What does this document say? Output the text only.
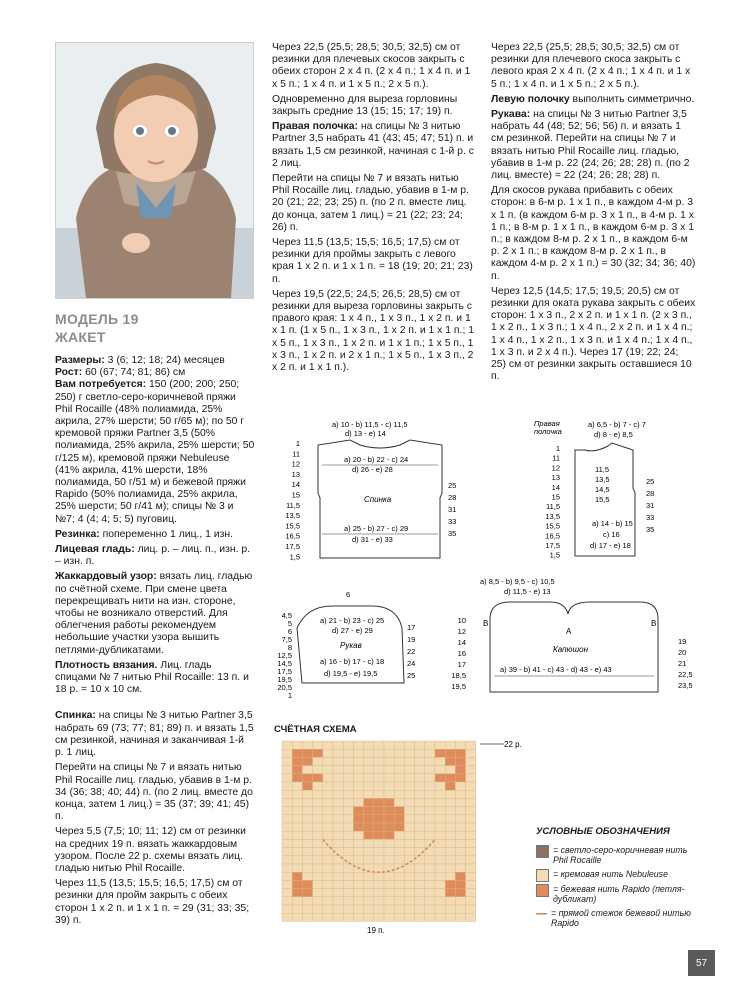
МОДЕЛЬ 19
ЖАКЕТ

Размеры: 3 (6; 12; 18; 24) месяцев

Рост: 60 (67; 74; 81; 86) см

Вам потребуется: 150 (200; 200; 250; 250) г светло-серо-коричневой пряжи Phil Rocaille (48% полиамида, 25% акрила, 27% шерсти; 50 г/65 м); по 50 г кремовой пряжи Partner 3,5 (50% полиамида, 25% акрила, 25% шерсти; 50 г/125 м), кремовой пряжи Nebuleuse (41% акрила, 41% шерсти, 18% полиамида, 50 г/51 м) и бежевой пряжи Rapido (50% полиамида, 25% акрила, 25% шерсти; 50 г/41 м); спицы № 3 и №7; 4 (4; 4; 5; 5) пуговиц.

Резинка: попеременно 1 лиц., 1 изн.

Лицевая гладь: лиц. р. – лиц. п., изн. р. – изн. п.

Жаккардовый узор: вязать лиц. гладью по счётной схеме. При смене цвета перекрещивать нити на изн. стороне, чтобы не возникало отверстий. Для облегчения работы рекомендуем небольшие участки узора вышить петлями-дубликатами.

Плотность вязания. Лиц. гладь спицами № 7 нитью Phil Rocaille: 13 п. и 18 р. = 10 x 10 см.

Спинка: на спицы № 3 нитью Partner 3,5 набрать 69 (73; 77; 81; 89) п. и вязать 1,5 см резинкой, начиная и заканчивая 1-й р. 1 лиц.

Перейти на спицы № 7 и вязать нитью Phil Rocaille лиц. гладью, убавив в 1-м р. 34 (36; 38; 40; 44) п. (по 2 лиц. вместе до конца, затем 1 лиц.) = 35 (37; 39; 41; 45) п.

Через 5,5 (7,5; 10; 11; 12) см от резинки на средних 19 п. вязать жаккардовым узором. После 22 р. схемы вязать лиц. гладью нитью Phil Rocaille.

Через 11,5 (13,5; 15,5; 16,5; 17,5) см от резинки для пройм закрыть с обеих сторон 1 x 2 п. и 1 x 1 п. = 29 (31; 33; 35; 39) п.

Через 22,5 (25,5; 28,5; 30,5; 32,5) см от резинки для плечевых скосов закрыть с обеих сторон 2 x 4 п. (2 x 4 п.; 1 x 4 п. и 1 x 5 п.; 1 x 4 п. и 1 x 5 п.; 2 x 5 п.).

Одновременно для выреза горловины закрыть средние 13 (15; 15; 17; 19) п.

Правая полочка: на спицы № 3 нитью Partner 3,5 набрать 41 (43; 45; 47; 51) п. и вязать 1,5 см резинкой, начиная с 1-й р. с 2 лиц.

Перейти на спицы № 7 и вязать нитью Phil Rocaille лиц. гладью, убавив в 1-м р. 20 (21; 22; 23; 25) п. (по 2 п. вместе лиц. до конца, затем 1 лиц.) = 21 (22; 23; 24; 26) п.

Через 11,5 (13,5; 15,5; 16,5; 17,5) см от резинки для проймы закрыть с левого края 1 x 2 п. и 1 x 1 п. = 18 (19; 20; 21; 23) п.

Через 19,5 (22,5; 24,5; 26,5; 28,5) см от резинки для выреза горловины закрыть с правого края: 1 x 4 п., 1 x 3 п., 1 x 2 п. и 1 x 1 п. (1 x 5 п., 1 x 3 п., 1 x 2 п. и 1 x 1 п.; 1 x 5 п., 1 x 3 п., 1 x 2 п. и 1 x 1 п.; 1 x 5 п., 1 x 3 п., 1 x 2 п. и 2 x 1 п.; 1 x 5 п., 1 x 3 п., 2 x 2 п. и 1 x 1 п.).

Через 22,5 (25,5; 28,5; 30,5; 32,5) см от резинки для плечевого скоса закрыть с левого края 2 x 4 п. (2 x 4 п.; 1 x 4 п. и 1 x 5 п.; 1 x 4 п. и 1 x 5 п.; 2 x 5 п.).

Левую полочку выполнить симметрично.

Рукава: на спицы № 3 нитью Partner 3,5 набрать 44 (48; 52; 56; 56) п. и вязать 1 см резинкой. Перейти на спицы № 7 и вязать нитью Phil Rocaille лиц. гладью, убавив в 1-м р. 22 (24; 26; 28; 28) п. (по 2 лиц. вместе) = 22 (24; 26; 28; 28) п.

Для скосов рукава прибавить с обеих сторон: в 6-м р. 1 x 1 п., в каждом 4-м р. 3 x 1 п. (в каждом 6-м р. 3 x 1 п., в 4-м р. 1 x 1 п.; в 8-м р. 1 x 1 п., в каждом 6-м р. 3 x 1 п.; в каждом 8-м р. 2 x 1 п., в каждом 6-м р. 2 x 1 п.; в каждом 8-м р. 2 x 1 п., в каждом 4-м р. 2 x 1 п.) = 30 (32; 34; 36; 40) п.

Через 12,5 (14,5; 17,5; 19,5; 20,5) см от резинки для оката рукава закрыть с обеих сторон: 1 x 3 п., 2 x 2 п. и 1 x 1 п. (2 x 3 п., 1 x 2 п., 1 x 3 п.; 1 x 4 п., 2 x 2 п. и 1 x 4 п.; 1 x 4 п., 1 x 2 п., 1 x 3 п. и 1 x 4 п.; 1 x 4 п., 1 x 3 п. и 2 x 4 п.). Через 17 (19; 22; 24; 25) см от резинки закрыть оставшиеся 10 п.

a) 10 - b) 11,5 - c) 11,5
d) 13 - e) 14
a) 20 - b) 22 - c) 24
d) 26 - e) 28
Спинка
a) 25 - b) 27 - c) 29
d) 31 - e) 33
1
11
12
13
14
15
11,5
13,5
15,5
16,5
17,5
1,5
25
28
31
33
35
Правая полочка
a) 6,5 - b) 7 - c) 7
d) 8 - e) 8,5
11,5
13,5
14,5
15,5
a) 14 - b) 15
c) 16
d) 17 - e) 18
1
11
12
13
14
15
11,5
13,5
15,5
16,5
17,5
1,5
25
28
31
33
35
6
a) 21 - b) 23 - c) 25
d) 27 - e) 29
Рукав
a) 16 - b) 17 - c) 18
d) 19,5 - e) 19,5
4,5
5
6
7,5
8
12,5
14,5
17,5
19,5
20,5
1
17
19
22
24
25
a) 8,5 - b) 9,5 - c) 10,5
d) 11,5 - e) 13
B	B
A
Капюшон
a) 39 - b) 41 - c) 43 - d) 43 - e) 43
10
12
14
16
17
18,5
19,5
19
20
21
22,5
23,5
СЧЁТНАЯ СХЕМА
22 р.
19 п.
УСЛОВНЫЕ ОБОЗНАЧЕНИЯ
= светло-серо-коричневая нить Phil Rocaille
= кремовая нить Nebuleuse
= бежевая нить Rapido (петля-дубликат)
= прямой стежок бежевой нитью Rapido
57
